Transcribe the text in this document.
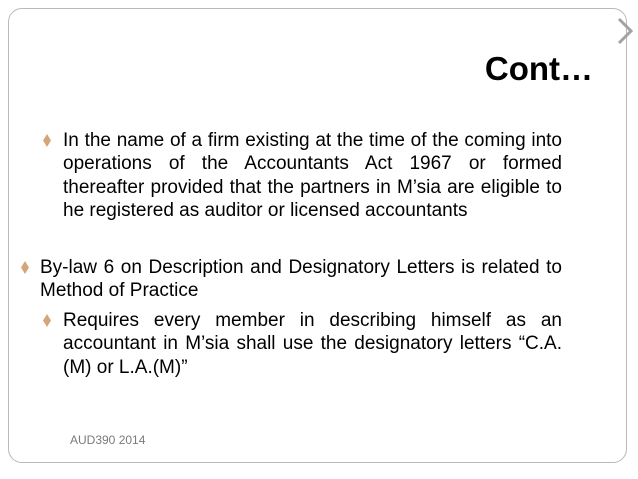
Cont…
In the name of a firm existing at the time of the coming into operations of the Accountants Act 1967 or formed thereafter provided that the partners in M’sia are eligible to he registered as auditor or licensed accountants
By-law 6 on Description and Designatory Letters is related to Method of Practice
Requires every member in describing himself as an accountant in M’sia shall use the designatory letters “C.A.(M) or L.A.(M)”
AUD390 2014
